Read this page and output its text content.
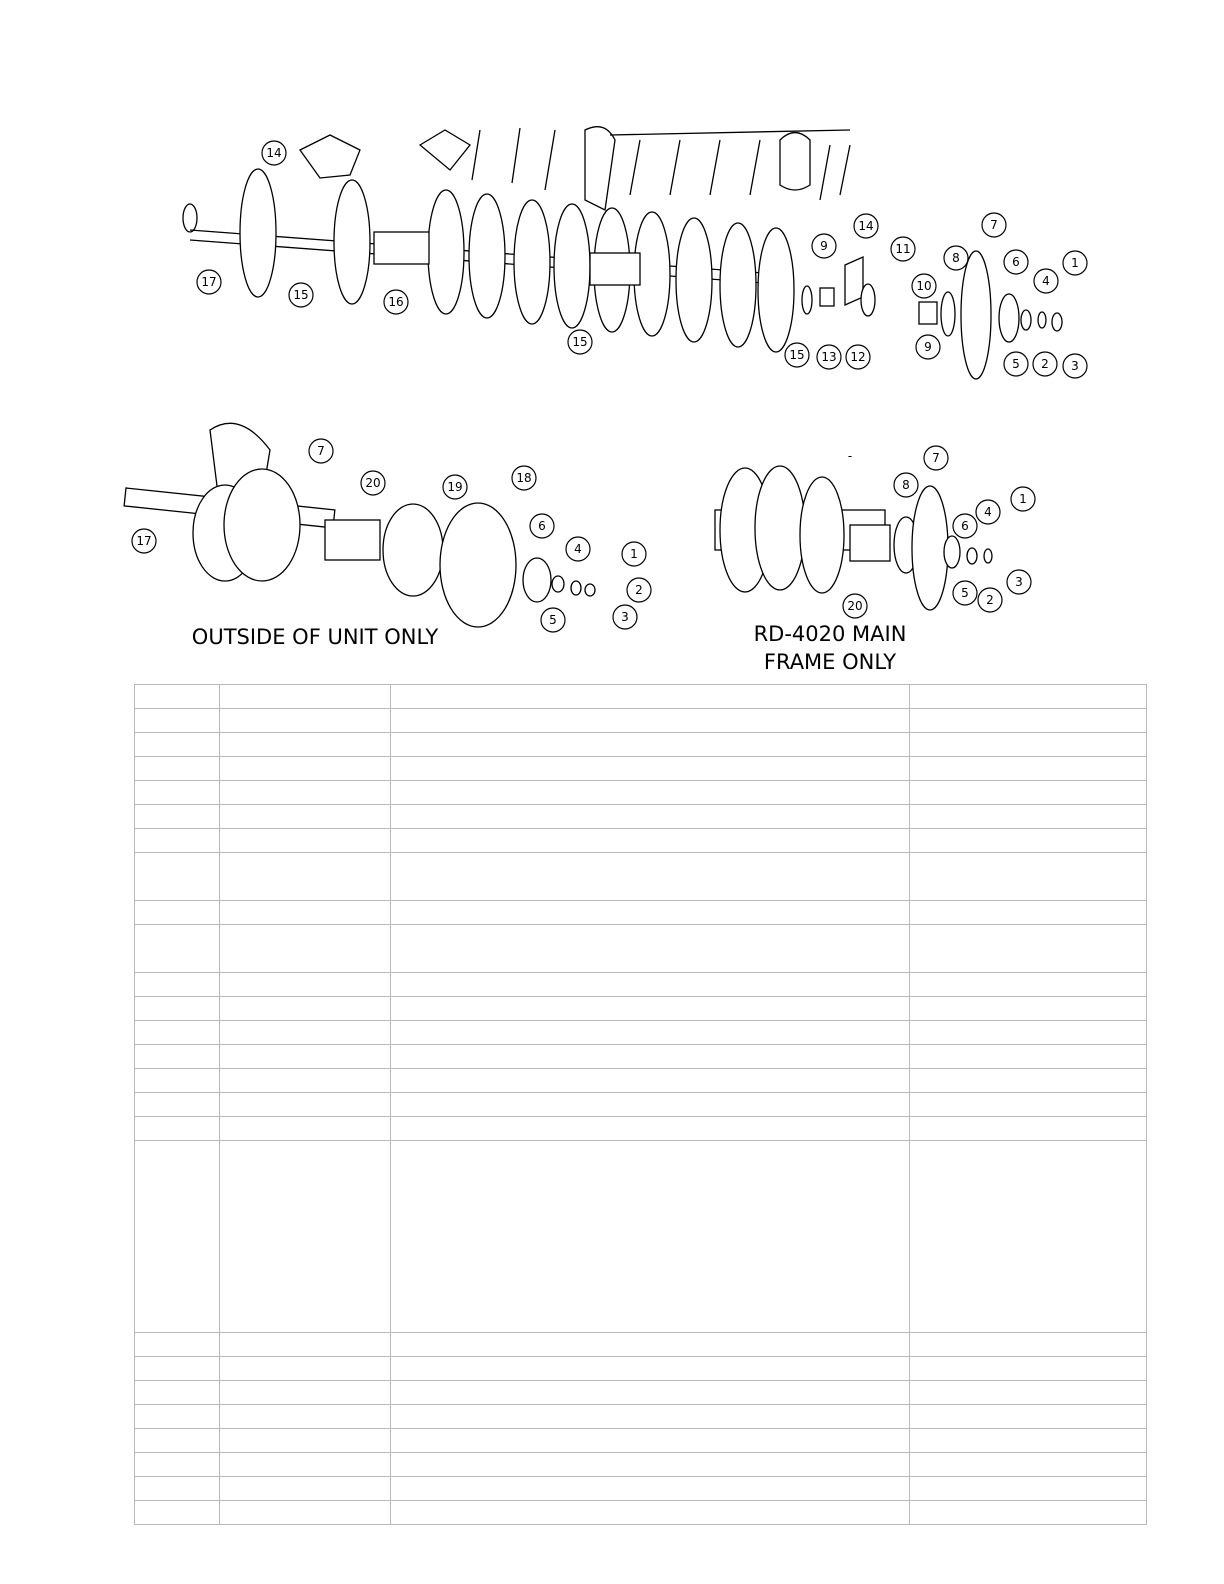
14
17
15	16
15
9
14
11
10
13 12
9
15
8
7
6
4
1
5 2 3
7
20	19
18
6
4	1
2
3
5
17
7
8
6
4
1
5 2
3
20
-
OUTSIDE OF UNIT ONLY	RD-4020 MAIN
FRAME ONLY
